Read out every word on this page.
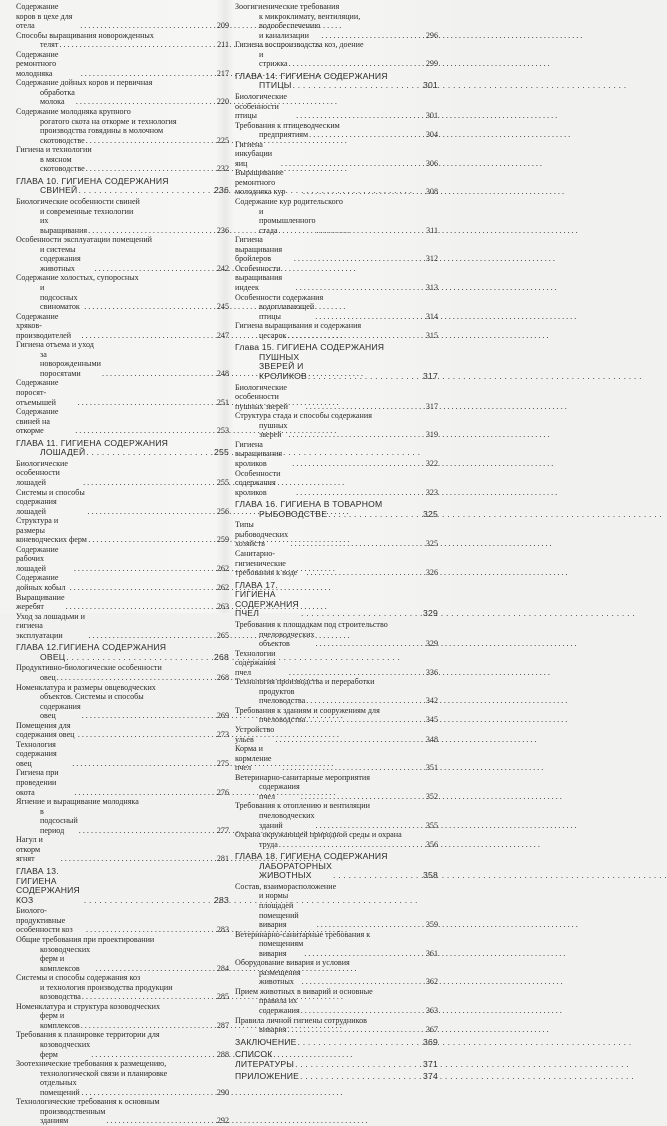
Содержание коров в цехе для отела . . .	209
Способы выращивания новорожденных
телят . . .	211
Содержание ремонтного молодняка . . .	217
Содержание дойных коров и первичная
обработка молока . . .	220
Содержание молодняка крупного
рогатого скота на откорме и технология
производства говядины в молочном
скотоводстве . . .	225
Гигиена и технологии
в мясном скотоводстве . . .	232
ГЛАВА 10. ГИГИЕНА СОДЕРЖАНИЯ
СВИНЕЙ . . .	236
Биологические особенности свиней
и современные технологии
их выращивания . . .	236
Особенности эксплуатации помещений
и системы содержания животных . . .	242
Содержание холостых, супоросных
и подсосных свиноматок . . .	245
Содержание хряков-производителей . . .	247
Гигиена отъема и уход
за новорожденными поросятами . . .	248
Содержание поросят-отъемышей . . .	251
Содержание свиней на откорме . . .	253
ГЛАВА 11. ГИГИЕНА СОДЕРЖАНИЯ
ЛОШАДЕЙ . . .	255
Биологические особенности лошадей . . .	255
Системы и способы содержания лошадей . . .	256
Структура и размеры коневодческих ферм . . .	259
Содержание рабочих лошадей . . .	262
Содержание дойных кобыл . . .	262
Выращивание жеребят . . .	263
Уход за лошадьми и гигиена эксплуатации . . .	265
ГЛАВА 12.ГИГИЕНА СОДЕРЖАНИЯ
ОВЕЦ . . .	268
Продуктивно-биологические особенности
овец . . .	268
Номенклатура и размеры овцеводческих
объектов. Системы и способы
содержания овец . . .	269
Помещения для содержания овец . . .	273
Технология содержания овец . . .	275
Гигиена при проведении окота . . .	276
Ягнение и выращивание молодняка
в подсосный период . . .	277
Нагул и откорм ягнят . . .	281
ГЛАВА 13. ГИГИЕНА СОДЕРЖАНИЯ КОЗ . . .	283
Биолого-продуктивные особенности коз . . .	283
Общие требования при проектировании
козоводческих ферм и комплексов . . .	284
Системы и способы содержания коз
и технология производства продукции
козоводства . . .	285
Номенклатура и структура козоводческих
ферм и комплексов . . .	287
Требования к планировке территории для
козоводческих ферм . . .	288
Зоотехнические требования к размещению,
технологической связи и планировке
отдельных помещений . . .	290
Технологические требования к основным
производственным зданиям . . .	292
Зоогигиенические требования
к микроклимату, вентиляции,
водообеспечению и канализации . . .	296
Гигиена воспроизводства коз, доение
и стрижка . . .	299
ГЛАВА 14. ГИГИЕНА СОДЕРЖАНИЯ
ПТИЦЫ . . .	301
Биологические особенности птицы . . .	301
Требования к птицеводческим
предприятиям . . .	304
Гигиена инкубации яиц . . .	306
Выращивание ремонтного молодняка кур . . .	308
Содержание кур родительского
и промышленного стада . . .	311
Гигиена выращивания бройлеров . . .	312
Особенности выращивания индеек . . .	313
Особенности содержания
водоплавающей птицы . . .	314
Гигиена выращивания и содержания
цесарок . . .	315
Глава 15. ГИГИЕНА СОДЕРЖАНИЯ
ПУШНЫХ ЗВЕРЕЙ И КРОЛИКОВ . . .	317
Биологические особенности пушных зверей . . .	317
Структура стада и способы содержания
пушных зверей . . .	319
Гигиена выращивания кроликов . . .	322
Особенности содержания кроликов . . .	323
ГЛАВА 16. ГИГИЕНА В ТОВАРНОМ
РЫБОВОДСТВЕ . . .	325
Типы рыбоводческих хозяйств . . .	325
Санитарно-гигиенические требования к воде . . .	326
ГЛАВА 17. ГИГИЕНА СОДЕРЖАНИЯ ПЧЕЛ . . .	329
Требования к площадкам под строительство
пчеловодческих объектов . . .	329
Технологии содержания пчел . . .	336
Технология производства и переработки
продуктов пчеловодства . . .	342
Требования к зданиям и сооружениям для
пчеловодства . . .	345
Устройство ульев . . .	348
Корма и кормление пчел . . .	351
Ветеринарно-санитарные мероприятия
содержания пчел . . .	352
Требования к отоплению и вентиляции
пчеловодческих зданий . . .	355
Охрана окружающей природной среды и охрана
труда . . .	356
ГЛАВА 18. ГИГИЕНА СОДЕРЖАНИЯ
ЛАБОРАТОРНЫХ ЖИВОТНЫХ . . .	358
Состав, взаиморасположение
и нормы площадей помещений вивария . . .	359
Ветеринарно-санитарные требования к
помещениям вивария . . .	361
Оборудование вивария и условия
размещения животных . . .	362
Прием животных в виварий и основные
правила их содержания . . .	363
Правила личной гигиены сотрудников
вивария . . .	367
ЗАКЛЮЧЕНИЕ . . .	369
СПИСОК ЛИТЕРАТУРЫ . . .	371
ПРИЛОЖЕНИЕ . . .	374
